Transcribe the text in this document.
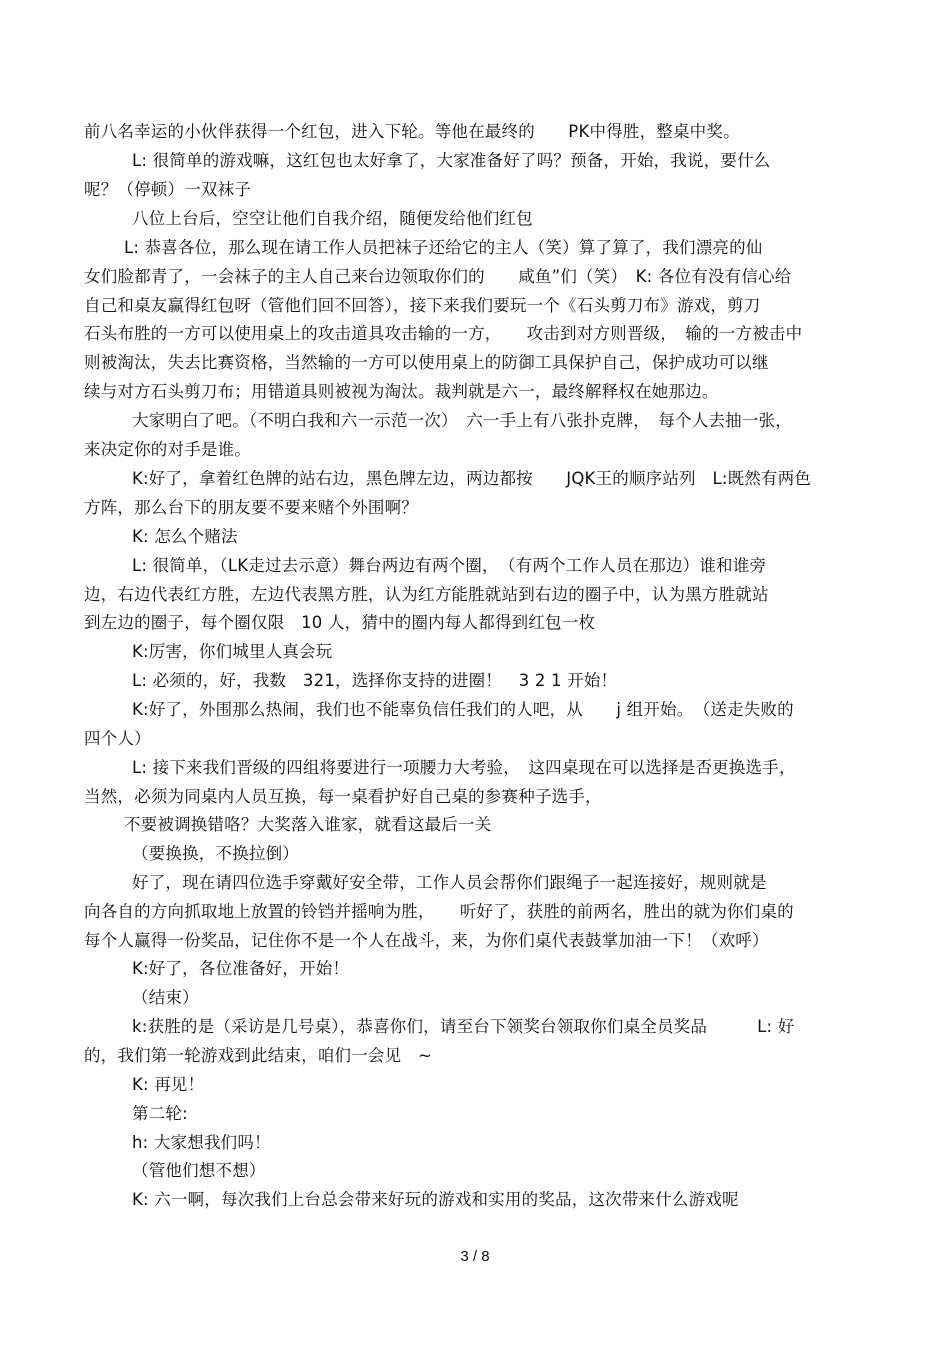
前八名幸运的小伙伴获得一个红包，进入下轮。等他在最终的　　PK中得胜，整桌中奖。
L: 很简单的游戏嘛，这红包也太好拿了，大家准备好了吗？预备，开始，我说，要什么
呢？（停顿）一双袜子
八位上台后，空空让他们自我介绍，随便发给他们红包
L: 恭喜各位，那么现在请工作人员把袜子还给它的主人（笑）算了算了，我们漂亮的仙
女们脸都青了，一会袜子的主人自己来台边领取你们的　　咸鱼”们（笑）　K: 各位有没有信心给
自己和桌友赢得红包呀（管他们回不回答），接下来我们要玩一个《石头剪刀布》游戏，剪刀
石头布胜的一方可以使用桌上的攻击道具攻击输的一方，　　攻击到对方则晋级，　输的一方被击中
则被淘汰，失去比赛资格，当然输的一方可以使用桌上的防御工具保护自己，保护成功可以继
续与对方石头剪刀布；用错道具则被视为淘汰。裁判就是六一，最终解释权在她那边。
大家明白了吧。（不明白我和六一示范一次）　六一手上有八张扑克牌，　每个人去抽一张，
来决定你的对手是谁。
K:好了，拿着红色牌的站右边，黑色牌左边，两边都按　　JQK王的顺序站列　L:既然有两色
方阵，那么台下的朋友要不要来赌个外围啊？
K: 怎么个赌法
L: 很简单，（LK走过去示意）舞台两边有两个圈，　（有两个工作人员在那边）谁和谁旁
边，右边代表红方胜，左边代表黑方胜，认为红方能胜就站到右边的圈子中，认为黑方胜就站
到左边的圈子，每个圈仅限　10 人，猜中的圈内每人都得到红包一枚
K:厉害，你们城里人真会玩
L: 必须的，好，我数　321，选择你支持的进圈！　3 2 1 开始！
K:好了，外围那么热闹，我们也不能辜负信任我们的人吧，从　　j 组开始。　（送走失败的
四个人）
L: 接下来我们晋级的四组将要进行一项腰力大考验，　这四桌现在可以选择是否更换选手，
当然，必须为同桌内人员互换，每一桌看护好自己桌的参赛种子选手，
不要被调换错咯？大奖落入谁家，就看这最后一关
（要换换，不换拉倒）
好了，现在请四位选手穿戴好安全带，工作人员会帮你们跟绳子一起连接好，规则就是
向各自的方向抓取地上放置的铃铛并摇响为胜，　　听好了，获胜的前两名，胜出的就为你们桌的
每个人赢得一份奖品，记住你不是一个人在战斗，来，为你们桌代表鼓掌加油一下！（欢呼）
K:好了，各位准备好，开始！
（结束）
k:获胜的是（采访是几号桌），恭喜你们，请至台下领奖台领取你们桌全员奖品　　　L: 好
的，我们第一轮游戏到此结束，咱们一会见　~
K: 再见！
第二轮:
h: 大家想我们吗！
（管他们想不想）
K: 六一啊，每次我们上台总会带来好玩的游戏和实用的奖品，这次带来什么游戏呢
3 / 8
